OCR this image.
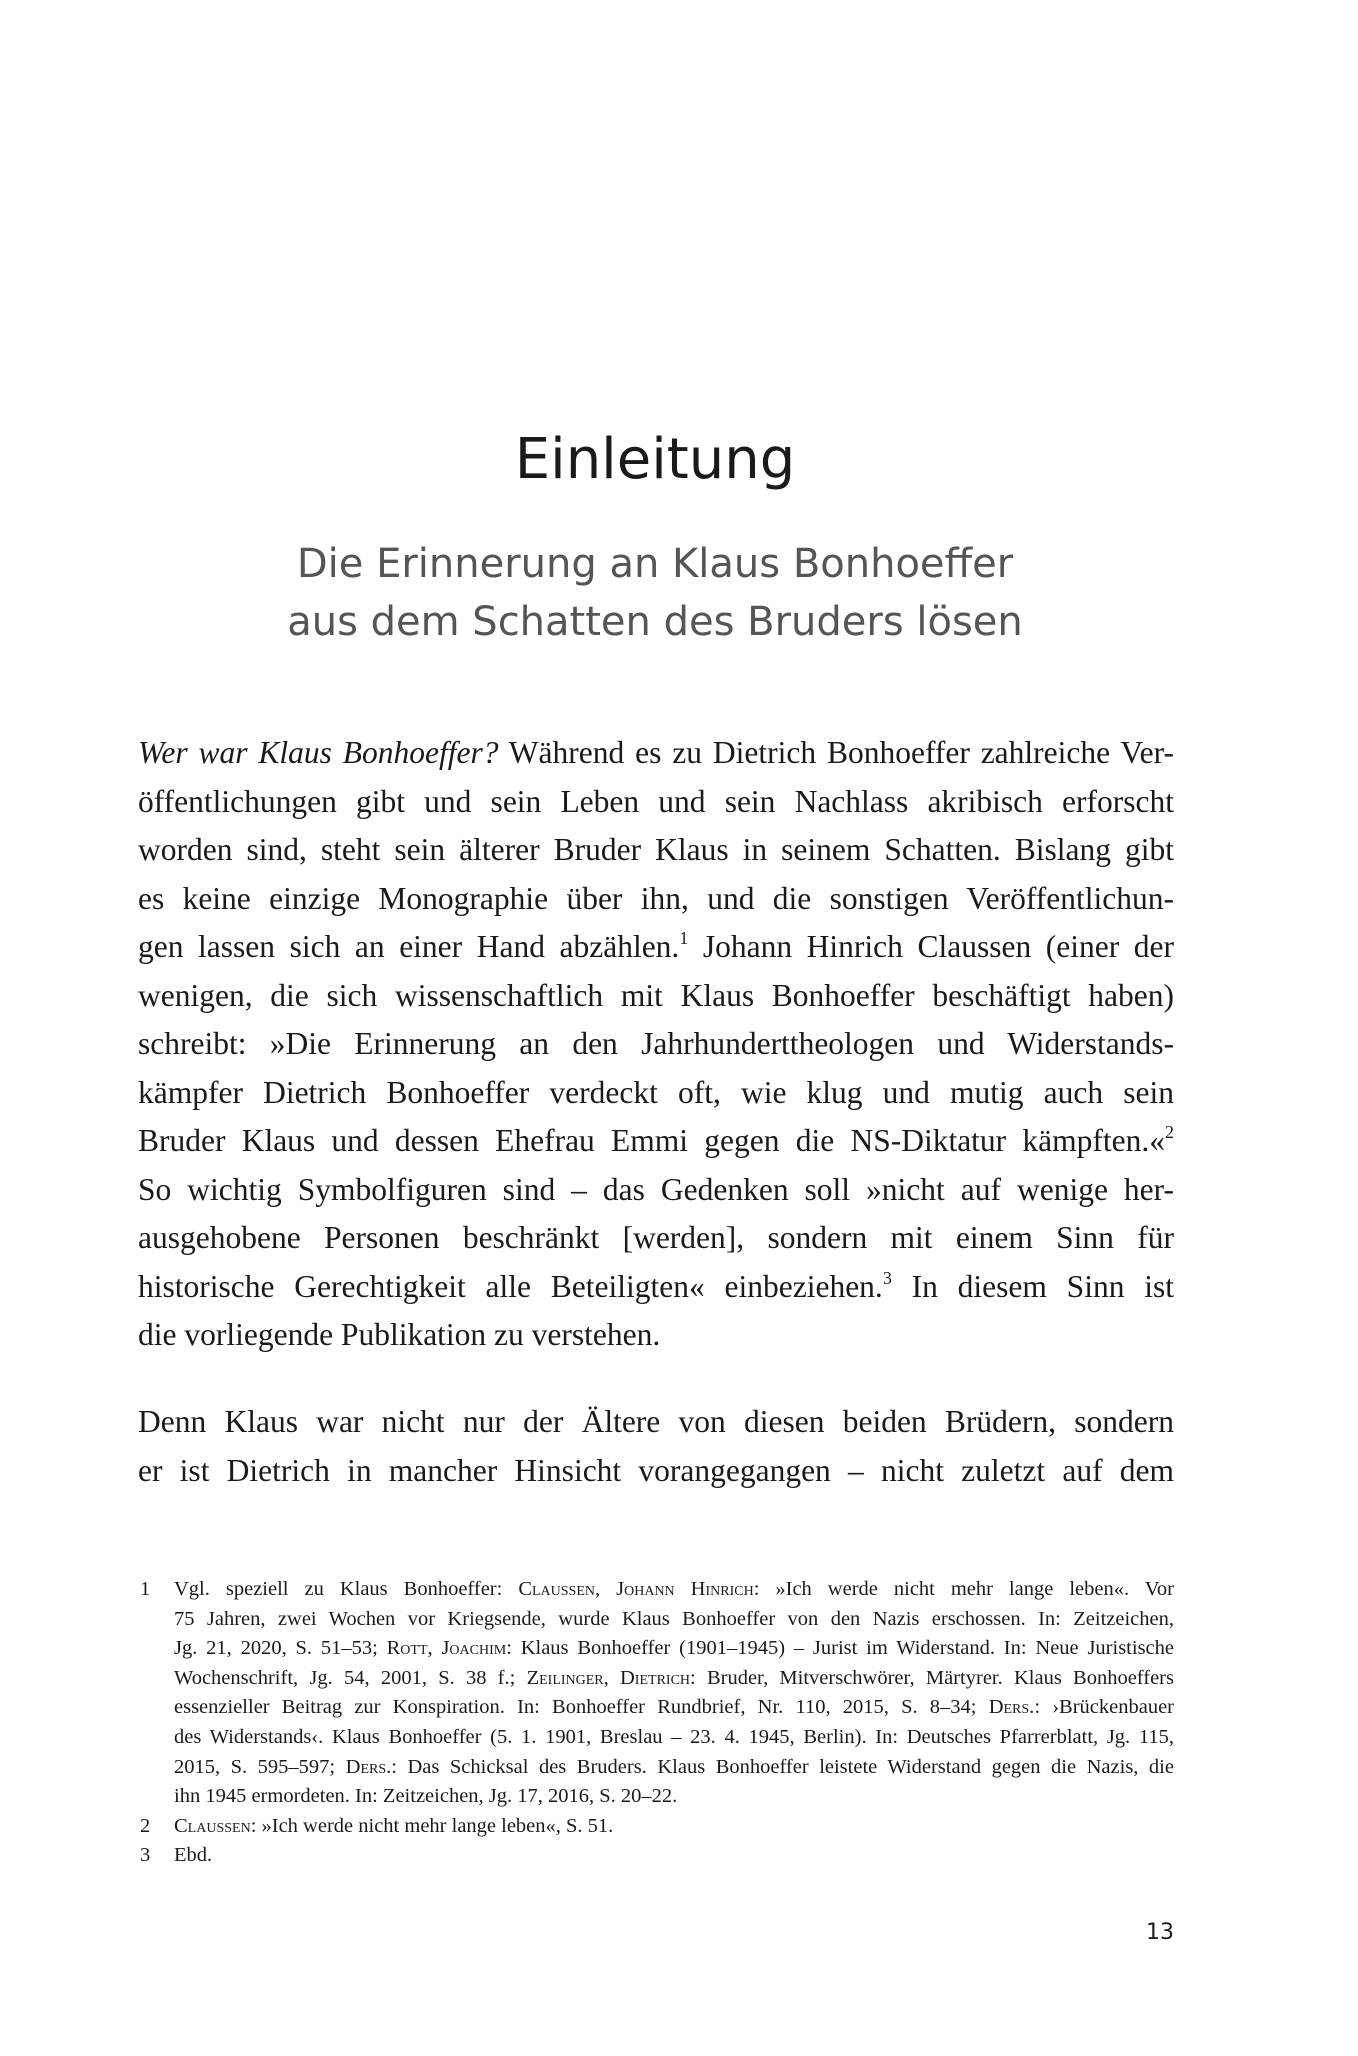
Einleitung
Die Erinnerung an Klaus Bonhoeffer
aus dem Schatten des Bruders lösen
Wer war Klaus Bonhoeffer? Während es zu Dietrich Bonhoeffer zahlreiche Ver-
öffentlichungen gibt und sein Leben und sein Nachlass akribisch erforscht
worden sind, steht sein älterer Bruder Klaus in seinem Schatten. Bislang gibt
es keine einzige Monographie über ihn, und die sonstigen Veröffentlichun-
gen lassen sich an einer Hand abzählen.$^1$ Johann Hinrich Claussen (einer der
wenigen, die sich wissenschaftlich mit Klaus Bonhoeffer beschäftigt haben)
schreibt: »Die Erinnerung an den Jahrhunderttheologen und Widerstands-
kämpfer Dietrich Bonhoeffer verdeckt oft, wie klug und mutig auch sein
Bruder Klaus und dessen Ehefrau Emmi gegen die NS-Diktatur kämpften.«$^2$
So wichtig Symbolfiguren sind – das Gedenken soll »nicht auf wenige her-
ausgehobene Personen beschränkt [werden], sondern mit einem Sinn für
historische Gerechtigkeit alle Beteiligten« einbeziehen.$^3$ In diesem Sinn ist
die vorliegende Publikation zu verstehen.
Denn Klaus war nicht nur der Ältere von diesen beiden Brüdern, sondern
er ist Dietrich in mancher Hinsicht vorangegangen – nicht zuletzt auf dem
1 Vgl. speziell zu Klaus Bonhoeffer: Claussen, Johann Hinrich: »Ich werde nicht mehr lange leben«. Vor
75 Jahren, zwei Wochen vor Kriegsende, wurde Klaus Bonhoeffer von den Nazis erschossen. In: Zeitzeichen,
Jg. 21, 2020, S. 51–53; Rott, Joachim: Klaus Bonhoeffer (1901–1945) – Jurist im Widerstand. In: Neue Juristische
Wochenschrift, Jg. 54, 2001, S. 38 f.; Zeilinger, Dietrich: Bruder, Mitverschwörer, Märtyrer. Klaus Bonhoeffers
essenzieller Beitrag zur Konspiration. In: Bonhoeffer Rundbrief, Nr. 110, 2015, S. 8–34; Ders.: ›Brückenbauer
des Widerstands‹. Klaus Bonhoeffer (5. 1. 1901, Breslau – 23. 4. 1945, Berlin). In: Deutsches Pfarrerblatt, Jg. 115,
2015, S. 595–597; Ders.: Das Schicksal des Bruders. Klaus Bonhoeffer leistete Widerstand gegen die Nazis, die
ihn 1945 ermordeten. In: Zeitzeichen, Jg. 17, 2016, S. 20–22.
2 Claussen: »Ich werde nicht mehr lange leben«, S. 51.
3 Ebd.
13
